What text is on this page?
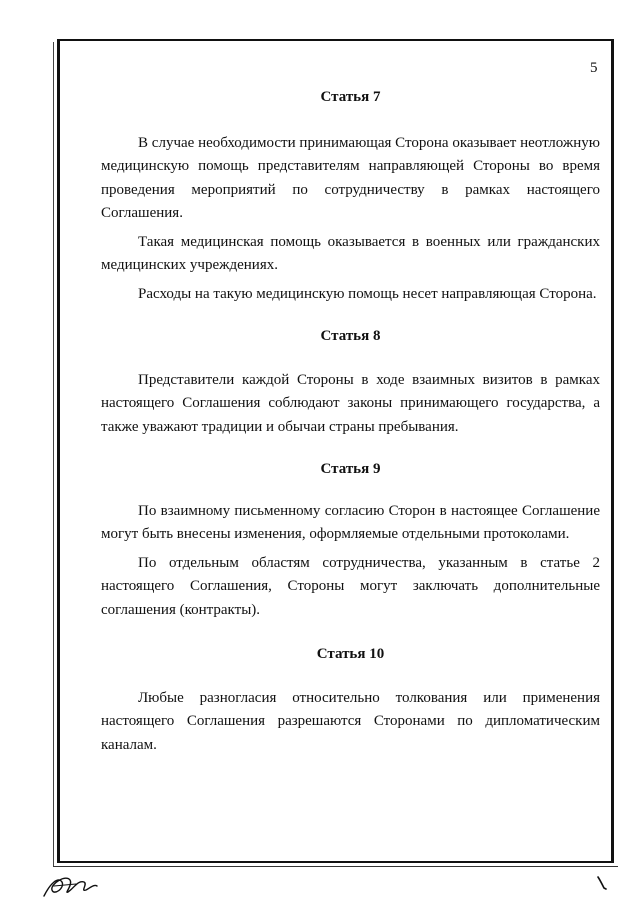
5
Статья 7

В случае необходимости принимающая Сторона оказывает неотложную медицинскую помощь представителям направляющей Стороны во время проведения мероприятий по сотрудничеству в рамках настоящего Соглашения.

Такая медицинская помощь оказывается в военных или гражданских медицинских учреждениях.

Расходы на такую медицинскую помощь несет направляющая Сторона.

Статья 8

Представители каждой Стороны в ходе взаимных визитов в рамках настоящего Соглашения соблюдают законы принимающего государства, а также уважают традиции и обычаи страны пребывания.

Статья 9

По взаимному письменному согласию Сторон в настоящее Соглашение могут быть внесены изменения, оформляемые отдельными протоколами.

По отдельным областям сотрудничества, указанным в статье 2 настоящего Соглашения, Стороны могут заключать дополнительные соглашения (контракты).

Статья 10

Любые разногласия относительно толкования или применения настоящего Соглашения разрешаются Сторонами по дипломатическим каналам.
